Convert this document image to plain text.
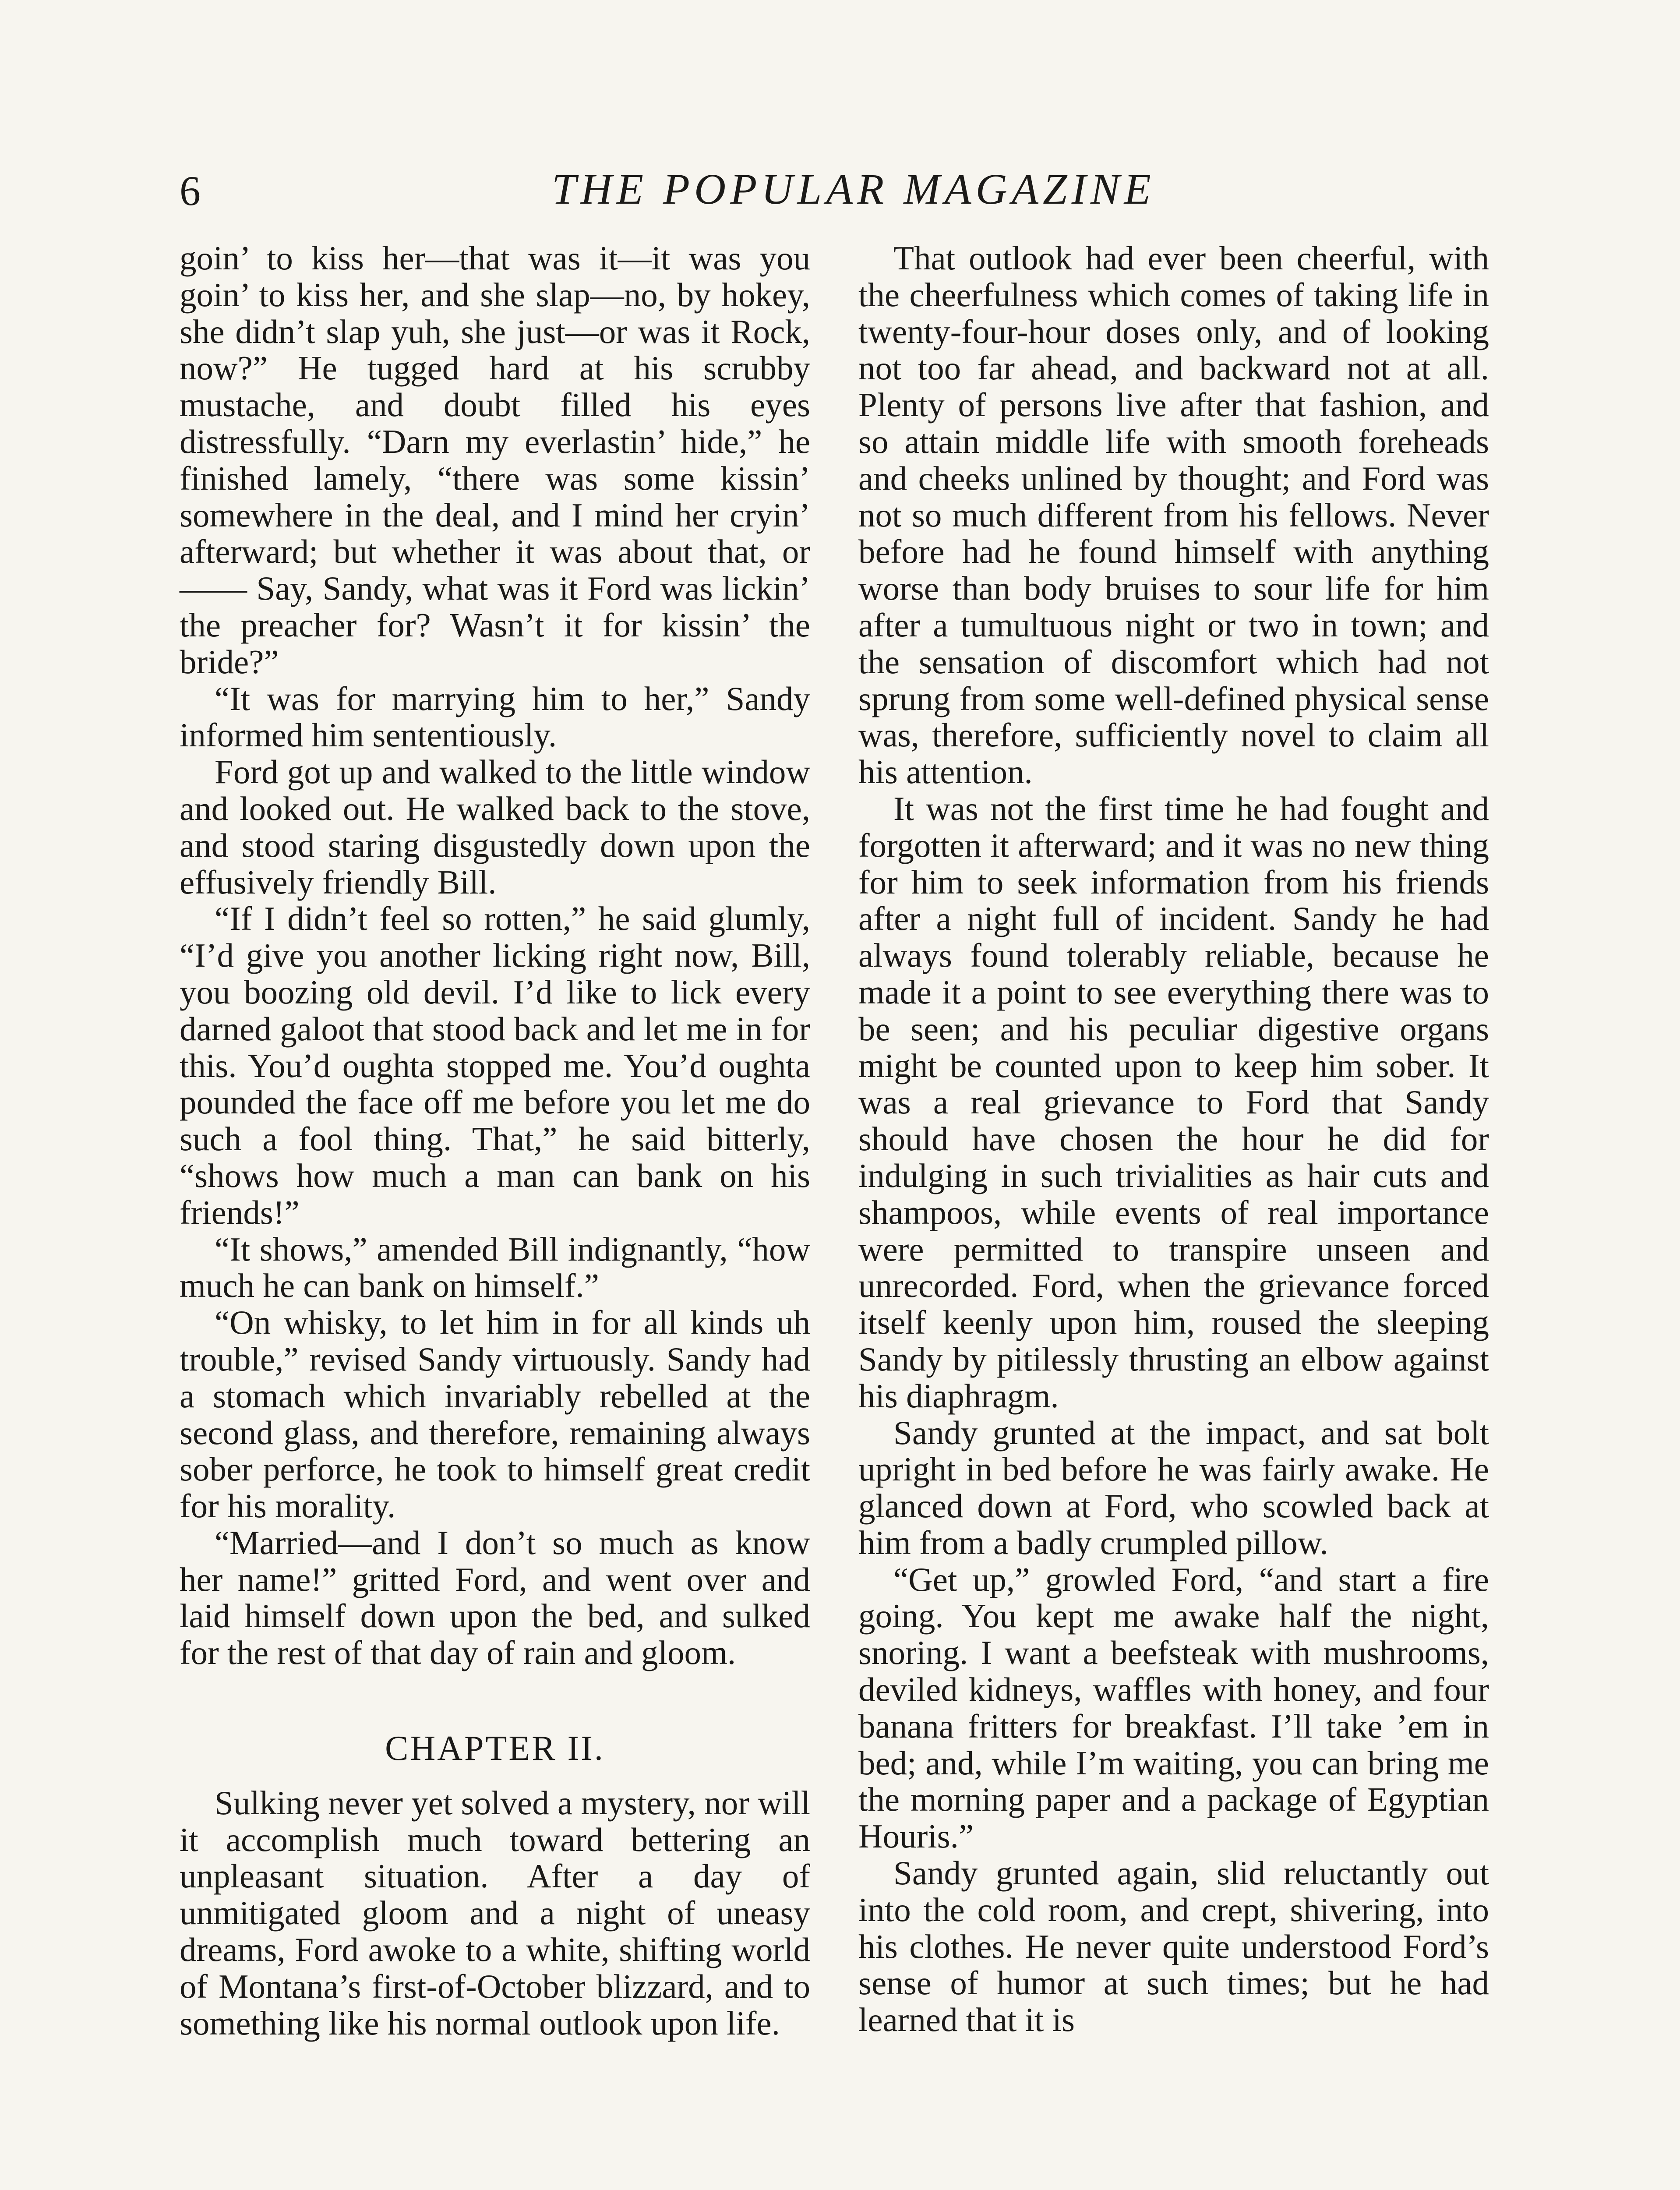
6	THE POPULAR MAGAZINE

goin’ to kiss her—that was it—it was you goin’ to kiss her, and she slap—no, by hokey, she didn’t slap yuh, she just—or was it Rock, now?” He tugged hard at his scrubby mustache, and doubt filled his eyes distressfully. “Darn my everlastin’ hide,” he finished lamely, “there was some kissin’ somewhere in the deal, and I mind her cryin’ afterward; but whether it was about that, or—— Say, Sandy, what was it Ford was lickin’ the preacher for? Wasn’t it for kissin’ the bride?”

“It was for marrying him to her,” Sandy informed him sententiously.

Ford got up and walked to the little window and looked out. He walked back to the stove, and stood staring disgustedly down upon the effusively friendly Bill.

“If I didn’t feel so rotten,” he said glumly, “I’d give you another licking right now, Bill, you boozing old devil. I’d like to lick every darned galoot that stood back and let me in for this. You’d oughta stopped me. You’d oughta pounded the face off me before you let me do such a fool thing. That,” he said bitterly, “shows how much a man can bank on his friends!”

“It shows,” amended Bill indignantly, “how much he can bank on himself.”

“On whisky, to let him in for all kinds uh trouble,” revised Sandy virtuously. Sandy had a stomach which invariably rebelled at the second glass, and therefore, remaining always sober perforce, he took to himself great credit for his morality.

“Married—and I don’t so much as know her name!” gritted Ford, and went over and laid himself down upon the bed, and sulked for the rest of that day of rain and gloom.

CHAPTER II.

Sulking never yet solved a mystery, nor will it accomplish much toward bettering an unpleasant situation. After a day of unmitigated gloom and a night of uneasy dreams, Ford awoke to a white, shifting world of Montana’s first-of-October blizzard, and to something like his normal outlook upon life.

That outlook had ever been cheerful, with the cheerfulness which comes of taking life in twenty-four-hour doses only, and of looking not too far ahead, and backward not at all. Plenty of persons live after that fashion, and so attain middle life with smooth foreheads and cheeks unlined by thought; and Ford was not so much different from his fellows. Never before had he found himself with anything worse than body bruises to sour life for him after a tumultuous night or two in town; and the sensation of discomfort which had not sprung from some well-defined physical sense was, therefore, sufficiently novel to claim all his attention.

It was not the first time he had fought and forgotten it afterward; and it was no new thing for him to seek information from his friends after a night full of incident. Sandy he had always found tolerably reliable, because he made it a point to see everything there was to be seen; and his peculiar digestive organs might be counted upon to keep him sober. It was a real grievance to Ford that Sandy should have chosen the hour he did for indulging in such trivialities as hair cuts and shampoos, while events of real importance were permitted to transpire unseen and unrecorded. Ford, when the grievance forced itself keenly upon him, roused the sleeping Sandy by pitilessly thrusting an elbow against his diaphragm.

Sandy grunted at the impact, and sat bolt upright in bed before he was fairly awake. He glanced down at Ford, who scowled back at him from a badly crumpled pillow.

“Get up,” growled Ford, “and start a fire going. You kept me awake half the night, snoring. I want a beefsteak with mushrooms, deviled kidneys, waffles with honey, and four banana fritters for breakfast. I’ll take ’em in bed; and, while I’m waiting, you can bring me the morning paper and a package of Egyptian Houris.”

Sandy grunted again, slid reluctantly out into the cold room, and crept, shivering, into his clothes. He never quite understood Ford’s sense of humor at such times; but he had learned that it is
